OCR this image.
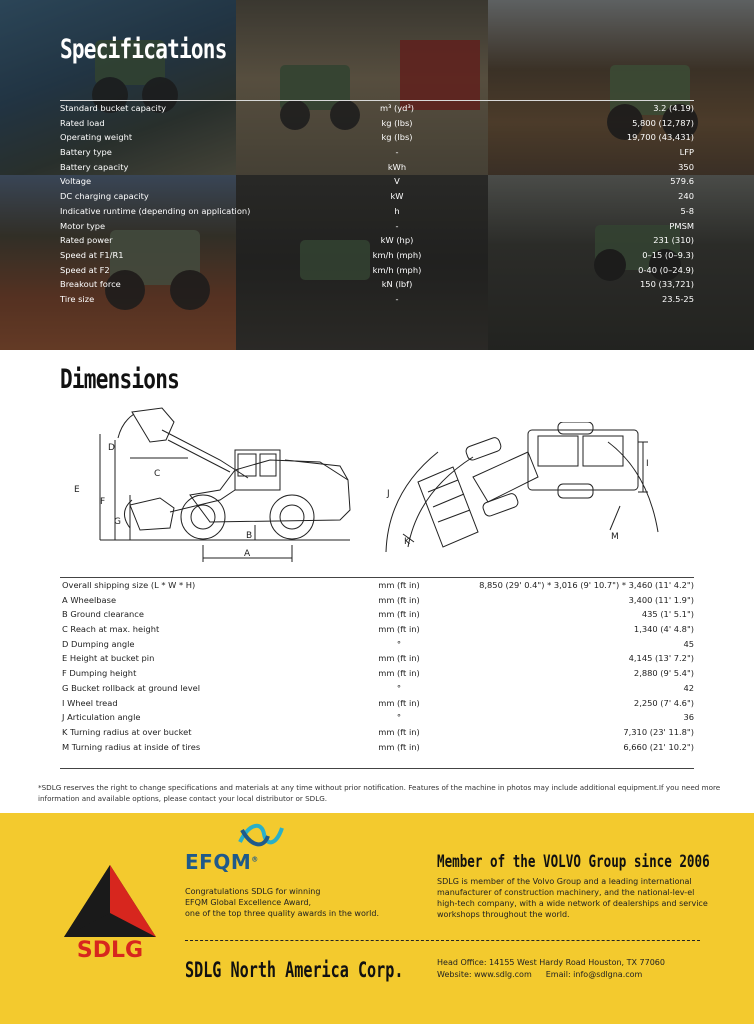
Specifications
Standard bucket capacity	m³ (yd³)	3.2 (4.19)
Rated load	kg (lbs)	5,800 (12,787)
Operating weight	kg (lbs)	19,700 (43,431)
Battery type	-	LFP
Battery capacity	kWh	350
Voltage	V	579.6
DC charging capacity	kW	240
Indicative runtime (depending on application)	h	5-8
Motor type	-	PMSM
Rated power	kW (hp)	231 (310)
Speed at F1/R1	km/h (mph)	0–15 (0–9.3)
Speed at F2	km/h (mph)	0-40 (0–24.9)
Breakout force	kN (lbf)	150 (33,721)
Tire size	-	23.5-25
Dimensions
D
E
F
G
C
B
A
I
J
K	M
Overall shipping size (L * W * H)	mm (ft in)	8,850 (29' 0.4") * 3,016 (9' 10.7") * 3,460 (11' 4.2")
A Wheelbase	mm (ft in)	3,400 (11' 1.9")
B Ground clearance	mm (ft in)	435 (1' 5.1")
C Reach at max. height	mm (ft in)	1,340 (4' 4.8")
D Dumping angle	°	45
E Height at bucket pin	mm (ft in)	4,145 (13' 7.2")
F Dumping height	mm (ft in)	2,880 (9' 5.4")
G Bucket rollback at ground level	°	42
I Wheel tread	mm (ft in)	2,250 (7' 4.6")
J Articulation angle	°	36
K Turning radius at over bucket	mm (ft in)	7,310 (23' 11.8")
M Turning radius at inside of tires	mm (ft in)	6,660 (21' 10.2")
*SDLG reserves the right to change specifications and materials at any time without prior notification. Features of the machine in photos may include additional equipment.If you need more information and available options, please contact your local distributor or SDLG.
SDLG
EFQM®
Congratulations SDLG for winning
EFQM Global Excellence Award,
one of the top three quality awards in the world.
Member of the VOLVO Group since 2006
SDLG is member of the Volvo Group and a leading international manufacturer of construction machinery, and the national-lev-el high-tech company, with a wide network of dealerships and service workshops throughout the world.
SDLG North America Corp.	Head Office: 14155 West Hardy Road Houston, TX 77060
Website: www.sdlg.com Email: info@sdlgna.com
